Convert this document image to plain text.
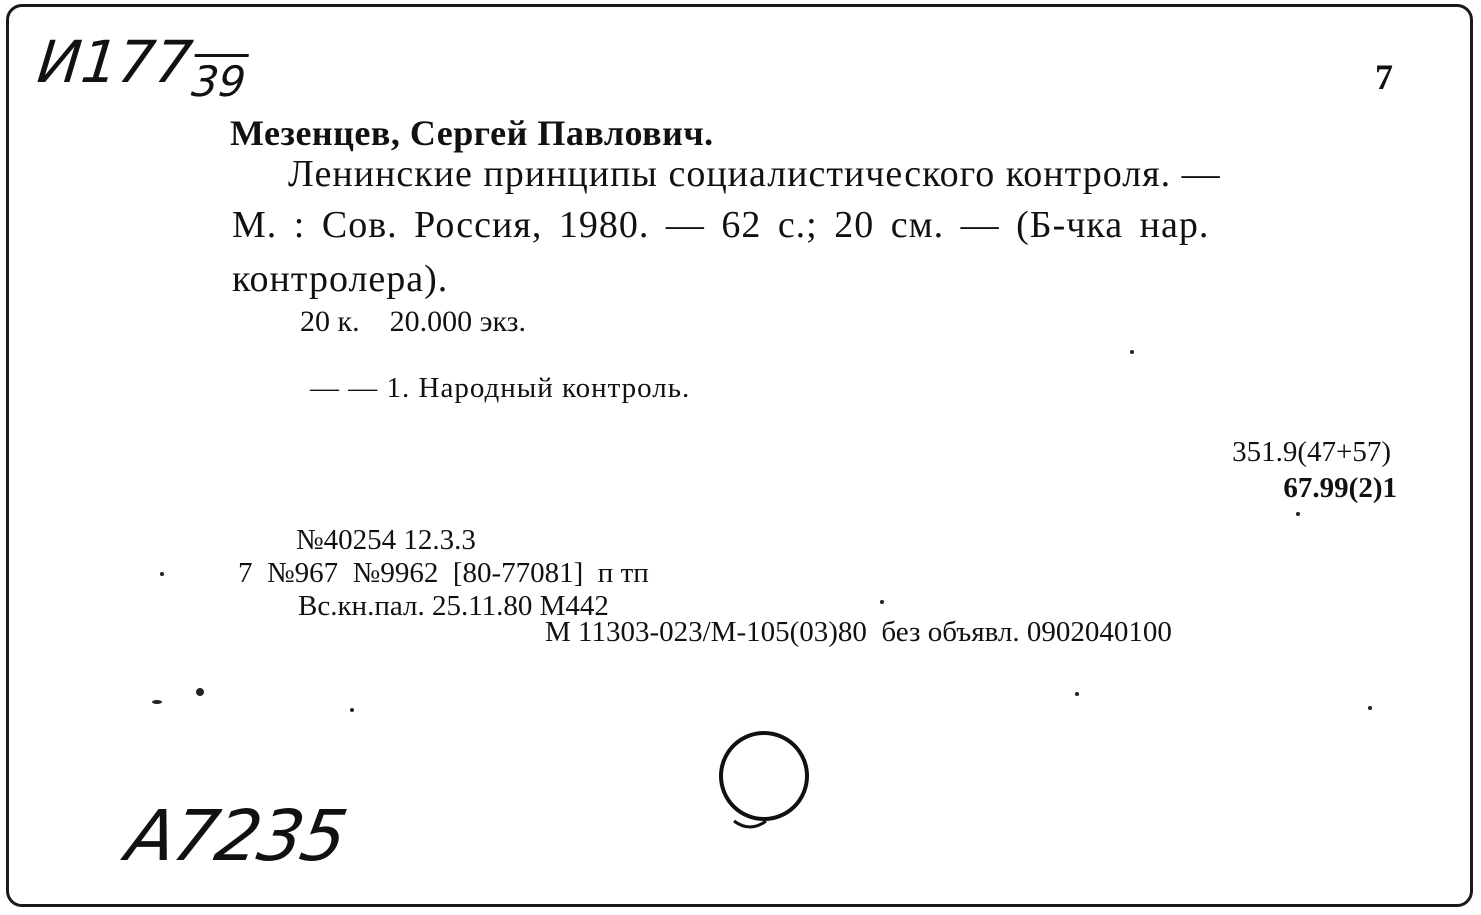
$И177_{39}$	7
Мезенцев, Сергей Павлович.
Ленинские принципы социалистического контроля. —
М. : Сов. Россия, 1980. — 62 с.; 20 см. — (Б-чка нар.
контролера).
20 к.    20.000 экз.
— — 1. Народный контроль.
351.9(47+57)
67.99(2)1
№40254 12.3.3
7  №967  №9962  [80-77081]  п тп
Вс.кн.пал. 25.11.80 М442
М 11303-023/М-105(03)80  без объявл. 0902040100
А7235
